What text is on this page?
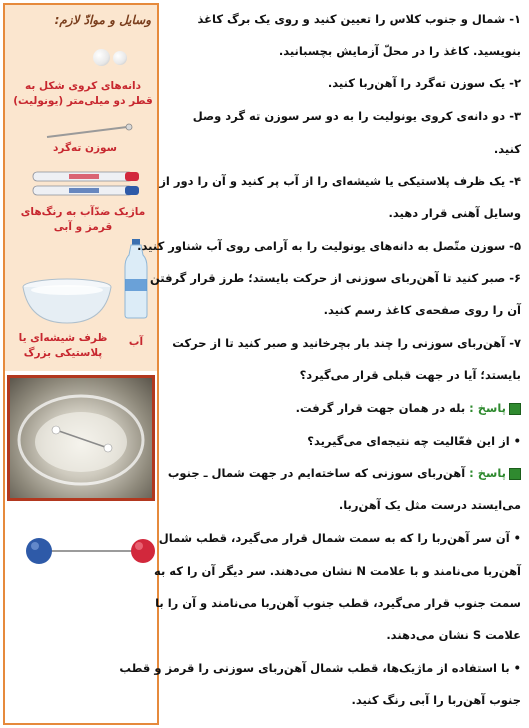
وسایل و موادّ لازم:
دانه‌های کروی شکل به
قطر دو میلی‌متر (یونولیت)
سوزن ته‌گرد
ماژیک ضدّآب به رنگ‌های
قرمز و آبی
آب
ظرف شیشه‌ای یا
پلاستیکی بزرگ
۱- شمال و جنوب کلاس را تعیین کنید و روی یک برگ کاغذ
بنویسید. کاغذ را در محلّ آزمایش بچسبانید.
۲- یک سوزن ته‌گرد را آهن‌ربا کنید.
۳- دو دانه‌ی کروی یونولیت را به دو سر سوزن ته گرد وصل
کنید.
۴- یک ظرف پلاستیکی یا شیشه‌ای را از آب پر کنید و آن را دور از
وسایل آهنی قرار دهید.
۵- سوزن متّصل به دانه‌های یونولیت را به آرامی روی آب شناور کنید.
۶- صبر کنید تا آهن‌ربای سوزنی از حرکت بایستد؛ طرز قرار گرفتن
آن را روی صفحه‌ی کاغذ رسم کنید.
۷- آهن‌ربای سوزنی را چند بار بچرخانید و صبر کنید تا از حرکت
بایستد؛ آیا در جهت قبلی قرار می‌گیرد؟
پاسخ : بله در همان جهت قرار گرفت.
• از این فعّالیت چه نتیجه‌ای می‌گیرید؟
پاسخ : آهن‌ربای سوزنی که ساخته‌ایم در جهت شمال ـ جنوب
می‌ایستد درست مثل یک آهن‌ربا.
• آن سر آهن‌ربا را که به سمت شمال قرار می‌گیرد، قطب شمال
آهن‌ربا می‌نامند و با علامت N نشان می‌دهند. سر دیگر آن را که به
سمت جنوب قرار می‌گیرد، قطب جنوب آهن‌ربا می‌نامند و آن را با
علامت S نشان می‌دهند.
• با استفاده از ماژیک‌ها، قطب شمال آهن‌ربای سوزنی را قرمز و قطب
جنوب آهن‌ربا را آبی رنگ کنید.
